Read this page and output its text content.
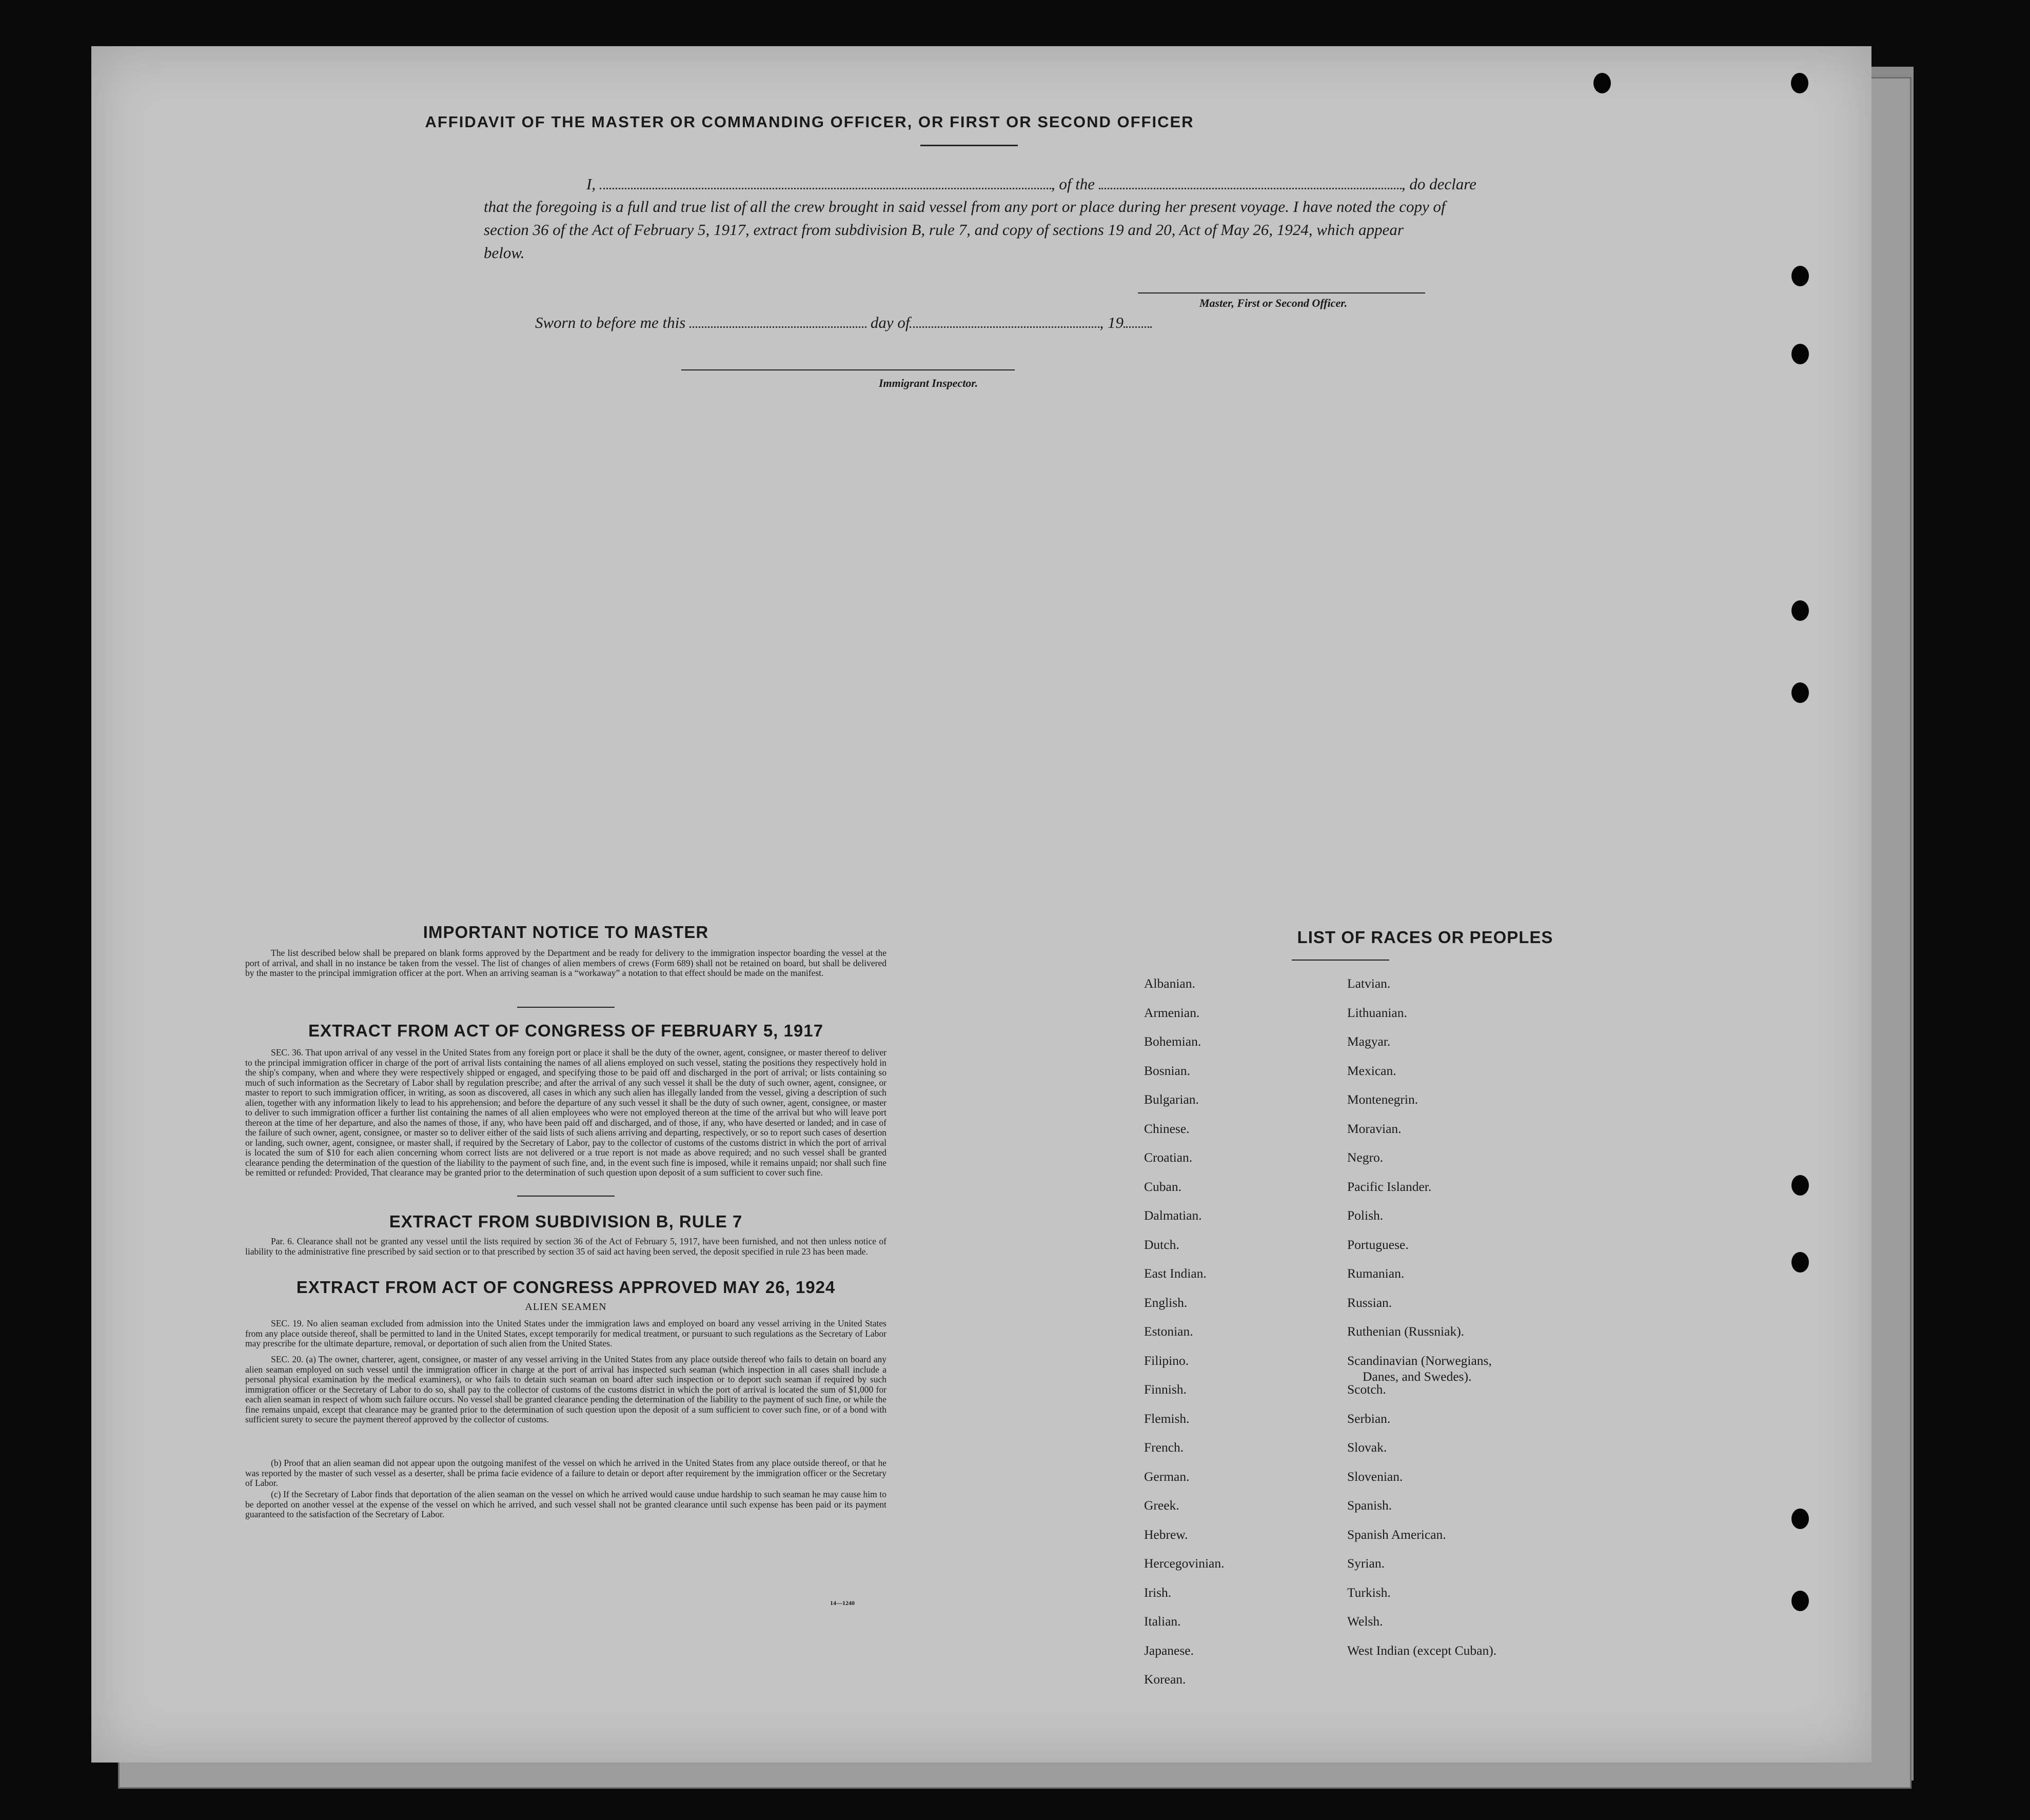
AFFIDAVIT OF THE MASTER OR COMMANDING OFFICER, OR FIRST OR SECOND OFFICER
I,	, of the	, do declare

that the foregoing is a full and true list of all the crew brought in said vessel from any port or place during her present voyage. I have noted the copy of section 36 of the Act of February 5, 1917, extract from subdivision B, rule 7, and copy of sections 19 and 20, Act of May 26, 1924, which appear below.

Master, First or Second Officer.
Sworn to before me this	day of	, 19
Immigrant Inspector.
IMPORTANT NOTICE TO MASTER

The list described below shall be prepared on blank forms approved by the Department and be ready for delivery to the immigration inspector boarding the vessel at the port of arrival, and shall in no instance be taken from the vessel. The list of changes of alien members of crews (Form 689) shall not be retained on board, but shall be delivered by the master to the principal immigration officer at the port. When an arriving seaman is a “workaway” a notation to that effect should be made on the manifest.

EXTRACT FROM ACT OF CONGRESS OF FEBRUARY 5, 1917

SEC. 36. That upon arrival of any vessel in the United States from any foreign port or place it shall be the duty of the owner, agent, consignee, or master thereof to deliver to the principal immigration officer in charge of the port of arrival lists containing the names of all aliens employed on such vessel, stating the positions they respectively hold in the ship's company, when and where they were respectively shipped or engaged, and specifying those to be paid off and discharged in the port of arrival; or lists containing so much of such information as the Secretary of Labor shall by regulation prescribe; and after the arrival of any such vessel it shall be the duty of such owner, agent, consignee, or master to report to such immigration officer, in writing, as soon as discovered, all cases in which any such alien has illegally landed from the vessel, giving a description of such alien, together with any information likely to lead to his apprehension; and before the departure of any such vessel it shall be the duty of such owner, agent, consignee, or master to deliver to such immigration officer a further list containing the names of all alien employees who were not employed thereon at the time of the arrival but who will leave port thereon at the time of her departure, and also the names of those, if any, who have been paid off and discharged, and of those, if any, who have deserted or landed; and in case of the failure of such owner, agent, consignee, or master so to deliver either of the said lists of such aliens arriving and departing, respectively, or so to report such cases of desertion or landing, such owner, agent, consignee, or master shall, if required by the Secretary of Labor, pay to the collector of customs of the customs district in which the port of arrival is located the sum of $10 for each alien concerning whom correct lists are not delivered or a true report is not made as above required; and no such vessel shall be granted clearance pending the determination of the question of the liability to the payment of such fine, and, in the event such fine is imposed, while it remains unpaid; nor shall such fine be remitted or refunded: Provided, That clearance may be granted prior to the determination of such question upon deposit of a sum sufficient to cover such fine.

EXTRACT FROM SUBDIVISION B, RULE 7

Par. 6. Clearance shall not be granted any vessel until the lists required by section 36 of the Act of February 5, 1917, have been furnished, and not then unless notice of liability to the administrative fine prescribed by said section or to that prescribed by section 35 of said act having been served, the deposit specified in rule 23 has been made.

EXTRACT FROM ACT OF CONGRESS APPROVED MAY 26, 1924
ALIEN SEAMEN

SEC. 19. No alien seaman excluded from admission into the United States under the immigration laws and employed on board any vessel arriving in the United States from any place outside thereof, shall be permitted to land in the United States, except temporarily for medical treatment, or pursuant to such regulations as the Secretary of Labor may prescribe for the ultimate departure, removal, or deportation of such alien from the United States.

SEC. 20. (a) The owner, charterer, agent, consignee, or master of any vessel arriving in the United States from any place outside thereof who fails to detain on board any alien seaman employed on such vessel until the immigration officer in charge at the port of arrival has inspected such seaman (which inspection in all cases shall include a personal physical examination by the medical examiners), or who fails to detain such seaman on board after such inspection or to deport such seaman if required by such immigration officer or the Secretary of Labor to do so, shall pay to the collector of customs of the customs district in which the port of arrival is located the sum of $1,000 for each alien seaman in respect of whom such failure occurs. No vessel shall be granted clearance pending the determination of the liability to the payment of such fine, or while the fine remains unpaid, except that clearance may be granted prior to the determination of such question upon the deposit of a sum sufficient to cover such fine, or of a bond with sufficient surety to secure the payment thereof approved by the collector of customs.

(b) Proof that an alien seaman did not appear upon the outgoing manifest of the vessel on which he arrived in the United States from any place outside thereof, or that he was reported by the master of such vessel as a deserter, shall be prima facie evidence of a failure to detain or deport after requirement by the immigration officer or the Secretary of Labor.

(c) If the Secretary of Labor finds that deportation of the alien seaman on the vessel on which he arrived would cause undue hardship to such seaman he may cause him to be deported on another vessel at the expense of the vessel on which he arrived, and such vessel shall not be granted clearance until such expense has been paid or its payment guaranteed to the satisfaction of the Secretary of Labor.

14—1240
LIST OF RACES OR PEOPLES
Albanian.
Armenian.
Bohemian.
Bosnian.
Bulgarian.
Chinese.
Croatian.
Cuban.
Dalmatian.
Dutch.
East Indian.
English.
Estonian.
Filipino.
Finnish.
Flemish.
French.
German.
Greek.
Hebrew.
Hercegovinian.
Irish.
Italian.
Japanese.
Korean.
Latvian.
Lithuanian.
Magyar.
Mexican.
Montenegrin.
Moravian.
Negro.
Pacific Islander.
Polish.
Portuguese.
Rumanian.
Russian.
Ruthenian (Russniak).
Scandinavian (Norwegians,
Danes, and Swedes).
Scotch.
Serbian.
Slovak.
Slovenian.
Spanish.
Spanish American.
Syrian.
Turkish.
Welsh.
West Indian (except Cuban).
